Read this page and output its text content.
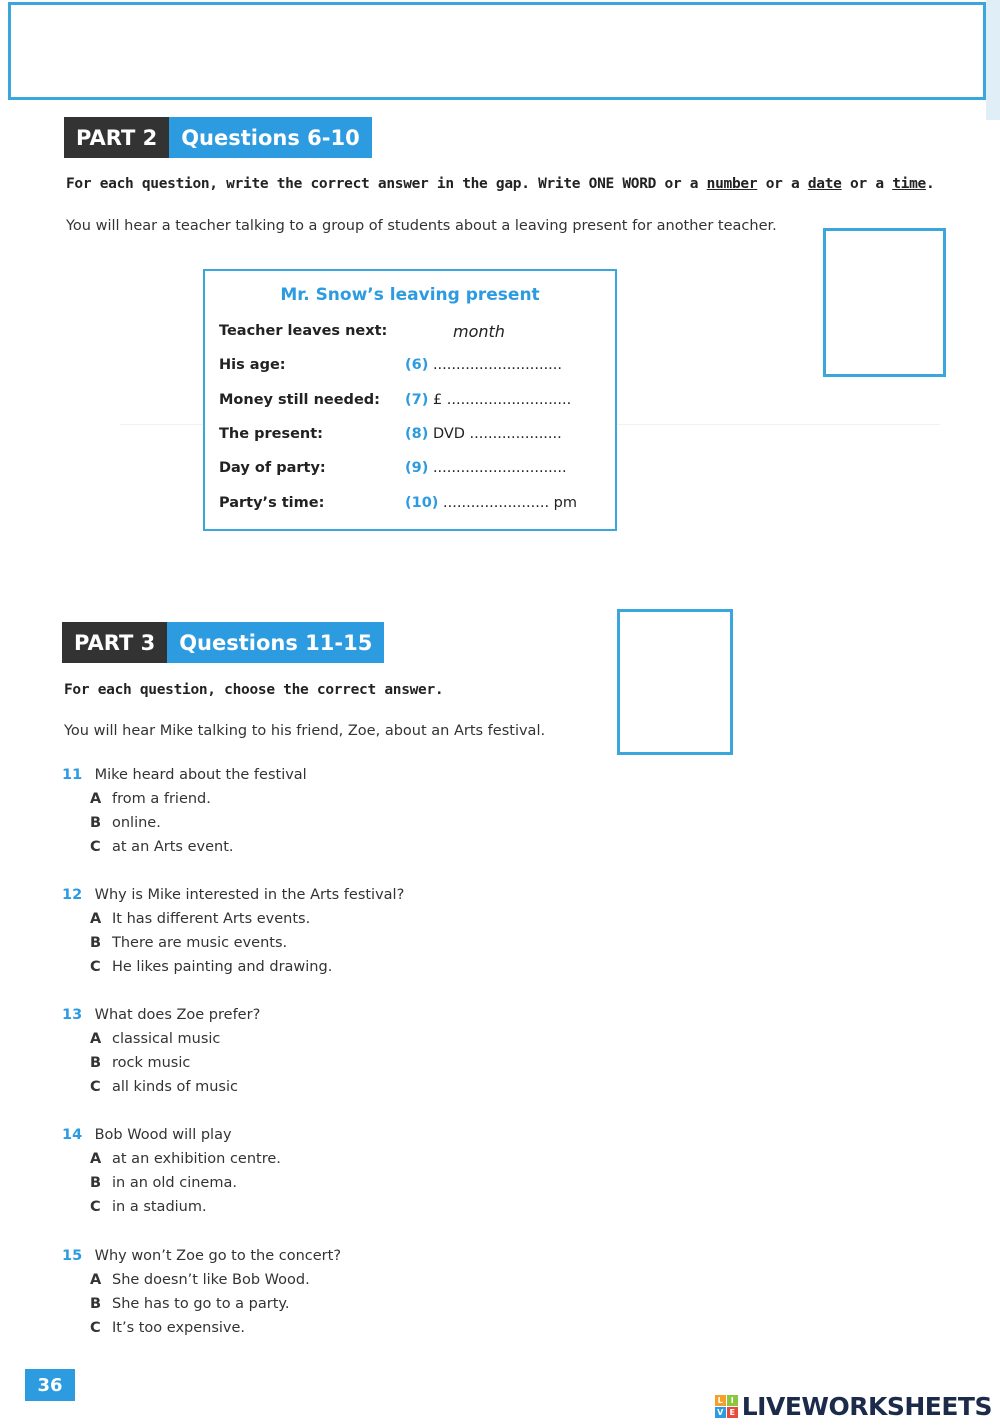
PART 2	Questions 6-10
For each question, write the correct answer in the gap. Write ONE WORD or a number or a date or a time.
You will hear a teacher talking to a group of students about a leaving present for another teacher.
Mr. Snow’s leaving present
Teacher leaves next:	month
His age:	(6) ............................
Money still needed: (7) £ ...........................
The present:	(8) DVD ....................
Day of party:	(9) .............................
Party’s time:	(10) ....................... pm
PART 3	Questions 11-15
For each question, choose the correct answer.
You will hear Mike talking to his friend, Zoe, about an Arts festival.
11 Mike heard about the festival
A from a friend.
B online.
C at an Arts event.
12 Why is Mike interested in the Arts festival?
A It has different Arts events.
B There are music events.
C He likes painting and drawing.
13 What does Zoe prefer?
A classical music
B rock music
C all kinds of music
14 Bob Wood will play
A at an exhibition centre.
B in an old cinema.
C in a stadium.
15 Why won’t Zoe go to the concert?
A She doesn’t like Bob Wood.
B She has to go to a party.
C It’s too expensive.
36
L I
V E LIVEWORKSHEETS
